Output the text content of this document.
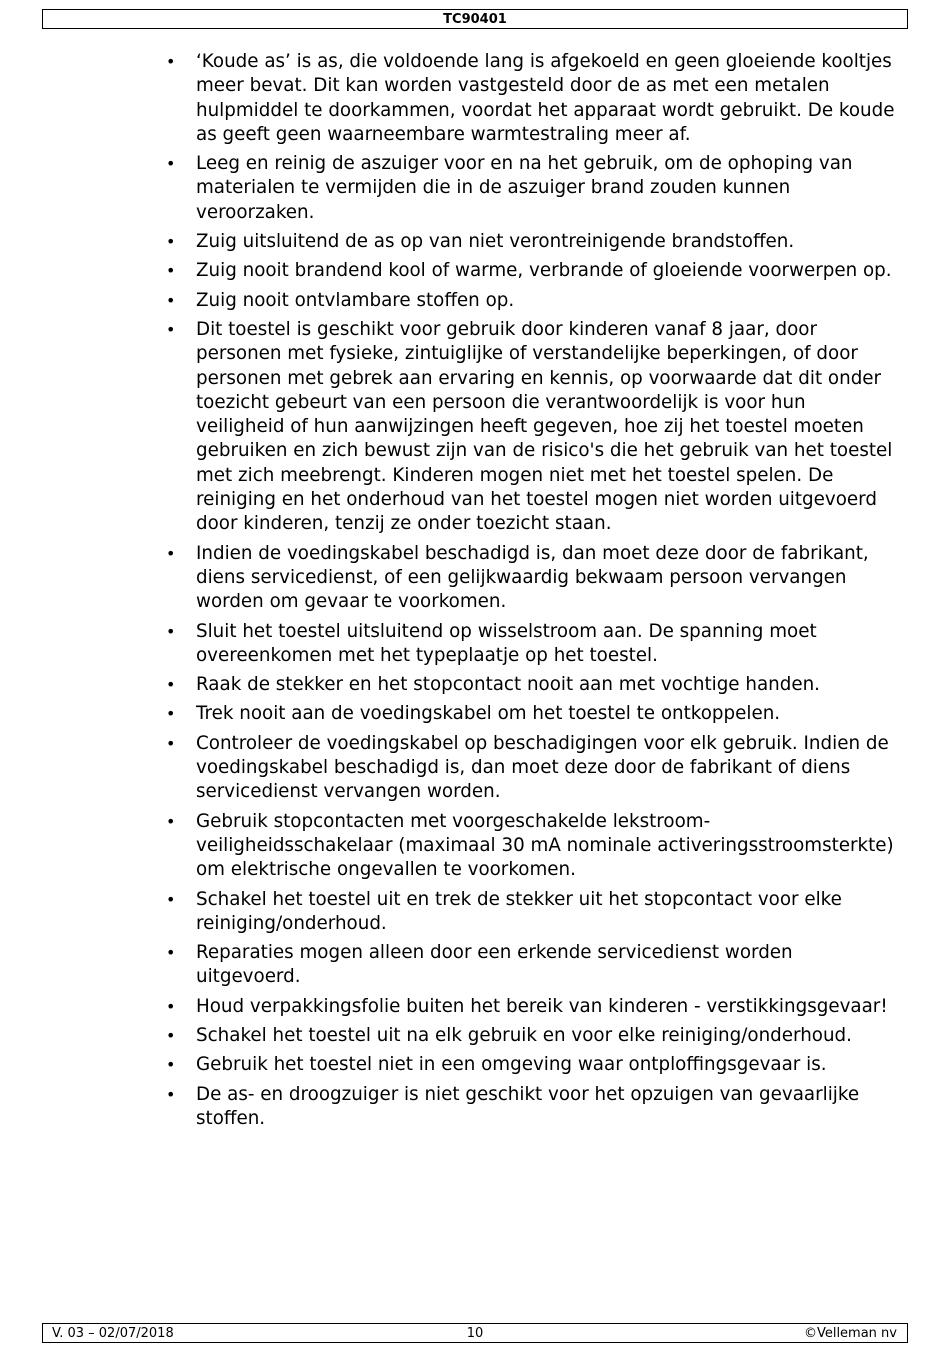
TC90401
• ‘Koude as’ is as, die voldoende lang is afgekoeld en geen gloeiende kooltjes meer bevat. Dit kan worden vastgesteld door de as met een metalen hulpmiddel te doorkammen, voordat het apparaat wordt gebruikt. De koude as geeft geen waarneembare warmtestraling meer af.
• Leeg en reinig de aszuiger voor en na het gebruik, om de ophoping van materialen te vermijden die in de aszuiger brand zouden kunnen veroorzaken.
• Zuig uitsluitend de as op van niet verontreinigende brandstoffen.
• Zuig nooit brandend kool of warme, verbrande of gloeiende voorwerpen op.
• Zuig nooit ontvlambare stoffen op.
• Dit toestel is geschikt voor gebruik door kinderen vanaf 8 jaar, door personen met fysieke, zintuiglijke of verstandelijke beperkingen, of door personen met gebrek aan ervaring en kennis, op voorwaarde dat dit onder toezicht gebeurt van een persoon die verantwoordelijk is voor hun veiligheid of hun aanwijzingen heeft gegeven, hoe zij het toestel moeten gebruiken en zich bewust zijn van de risico's die het gebruik van het toestel met zich meebrengt. Kinderen mogen niet met het toestel spelen. De reiniging en het onderhoud van het toestel mogen niet worden uitgevoerd door kinderen, tenzij ze onder toezicht staan.
• Indien de voedingskabel beschadigd is, dan moet deze door de fabrikant, diens servicedienst, of een gelijkwaardig bekwaam persoon vervangen worden om gevaar te voorkomen.
• Sluit het toestel uitsluitend op wisselstroom aan. De spanning moet overeenkomen met het typeplaatje op het toestel.
• Raak de stekker en het stopcontact nooit aan met vochtige handen.
• Trek nooit aan de voedingskabel om het toestel te ontkoppelen.
• Controleer de voedingskabel op beschadigingen voor elk gebruik. Indien de voedingskabel beschadigd is, dan moet deze door de fabrikant of diens servicedienst vervangen worden.
• Gebruik stopcontacten met voorgeschakelde lekstroom-veiligheidsschakelaar (maximaal 30 mA nominale activeringsstroomsterkte) om elektrische ongevallen te voorkomen.
• Schakel het toestel uit en trek de stekker uit het stopcontact voor elke reiniging/onderhoud.
• Reparaties mogen alleen door een erkende servicedienst worden uitgevoerd.
• Houd verpakkingsfolie buiten het bereik van kinderen - verstikkingsgevaar!
• Schakel het toestel uit na elk gebruik en voor elke reiniging/onderhoud.
• Gebruik het toestel niet in een omgeving waar ontploffingsgevaar is.
• De as- en droogzuiger is niet geschikt voor het opzuigen van gevaarlijke stoffen.
V. 03 – 02/07/2018	10	©Velleman nv
